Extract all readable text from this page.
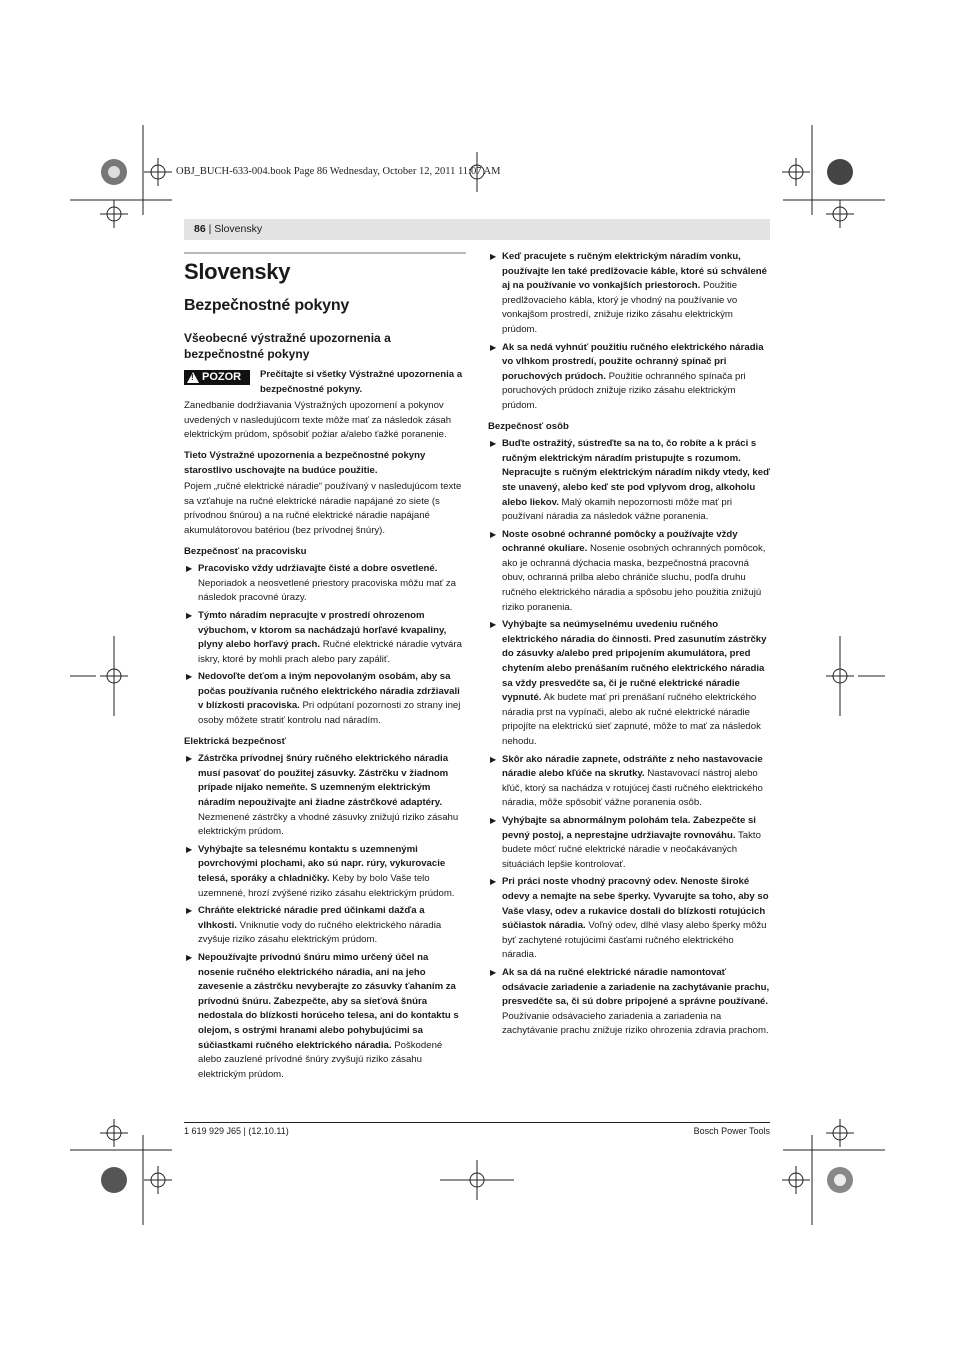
OBJ_BUCH-633-004.book Page 86 Wednesday, October 12, 2011 11:07 AM
86 | Slovensky
Slovensky
Bezpečnostné pokyny
Všeobecné výstražné upozornenia a bezpečnostné pokyny
!
POZOR Prečítajte si všetky Výstražné upozornenia a bezpečnostné pokyny.

Zanedbanie dodržiavania Výstražných upozornení a pokynov uvedených v nasledujúcom texte môže mať za následok zásah elektrickým prúdom, spôsobiť požiar a/alebo ťažké poranenie.

Tieto Výstražné upozornenia a bezpečnostné pokyny starostlivo uschovajte na budúce použitie.

Pojem „ručné elektrické náradie“ používaný v nasledujúcom texte sa vzťahuje na ručné elektrické náradie napájané zo siete (s prívodnou šnúrou) a na ručné elektrické náradie napájané akumulátorovou batériou (bez prívodnej šnúry).

Bezpečnosť na pracovisku
▶ Pracovisko vždy udržiavajte čisté a dobre osvetlené. Neporiadok a neosvetlené priestory pracoviska môžu mať za následok pracovné úrazy.
▶ Týmto náradím nepracujte v prostredí ohrozenom výbuchom, v ktorom sa nachádzajú horľavé kvapaliny, plyny alebo horľavý prach. Ručné elektrické náradie vytvára iskry, ktoré by mohli prach alebo pary zapáliť.
▶ Nedovoľte deťom a iným nepovolaným osobám, aby sa počas používania ručného elektrického náradia zdržiavali v blízkosti pracoviska. Pri odpútaní pozornosti zo strany inej osoby môžete stratiť kontrolu nad náradím.
Elektrická bezpečnosť
▶ Zástrčka prívodnej šnúry ručného elektrického náradia musí pasovať do použitej zásuvky. Zástrčku v žiadnom prípade nijako nemeňte. S uzemneným elektrickým náradím nepoužívajte ani žiadne zástrčkové adaptéry. Nezmenené zástrčky a vhodné zásuvky znižujú riziko zásahu elektrickým prúdom.
▶ Vyhýbajte sa telesnému kontaktu s uzemnenými povrchovými plochami, ako sú napr. rúry, vykurovacie telesá, sporáky a chladničky. Keby by bolo Vaše telo uzemnené, hrozí zvýšené riziko zásahu elektrickým prúdom.
▶ Chráňte elektrické náradie pred účinkami dažďa a vlhkosti. Vniknutie vody do ručného elektrického náradia zvyšuje riziko zásahu elektrickým prúdom.
▶ Nepoužívajte prívodnú šnúru mimo určený účel na nosenie ručného elektrického náradia, ani na jeho zavesenie a zástrčku nevyberajte zo zásuvky ťahaním za prívodnú šnúru. Zabezpečte, aby sa sieťová šnúra nedostala do blízkosti horúceho telesa, ani do kontaktu s olejom, s ostrými hranami alebo pohybujúcimi sa súčiastkami ručného elektrického náradia. Poškodené alebo zauzlené prívodné šnúry zvyšujú riziko zásahu elektrickým prúdom.
▶ Keď pracujete s ručným elektrickým náradím vonku, používajte len také predlžovacie káble, ktoré sú schválené aj na používanie vo vonkajších priestoroch. Použitie predlžovacieho kábla, ktorý je vhodný na používanie vo vonkajšom prostredí, znižuje riziko zásahu elektrickým prúdom.
▶ Ak sa nedá vyhnúť použitiu ručného elektrického náradia vo vlhkom prostredí, použite ochranný spínač pri poruchových prúdoch. Použitie ochranného spínača pri poruchových prúdoch znižuje riziko zásahu elektrickým prúdom.
Bezpečnosť osôb
▶ Buďte ostražitý, sústreďte sa na to, čo robíte a k práci s ručným elektrickým náradím pristupujte s rozumom. Nepracujte s ručným elektrickým náradím nikdy vtedy, keď ste unavený, alebo keď ste pod vplyvom drog, alkoholu alebo liekov. Malý okamih nepozornosti môže mať pri používaní náradia za následok vážne poranenia.
▶ Noste osobné ochranné pomôcky a používajte vždy ochranné okuliare. Nosenie osobných ochranných pomôcok, ako je ochranná dýchacia maska, bezpečnostná pracovná obuv, ochranná prilba alebo chrániče sluchu, podľa druhu ručného elektrického náradia a spôsobu jeho použitia znižujú riziko poranenia.
▶ Vyhýbajte sa neúmyselnému uvedeniu ručného elektrického náradia do činnosti. Pred zasunutím zástrčky do zásuvky a/alebo pred pripojením akumulátora, pred chytením alebo prenášaním ručného elektrického náradia sa vždy presvedčte sa, či je ručné elektrické náradie vypnuté. Ak budete mať pri prenášaní ručného elektrického náradia prst na vypínači, alebo ak ručné elektrické náradie pripojíte na elektrickú sieť zapnuté, môže to mať za následok nehodu.
▶ Skôr ako náradie zapnete, odstráňte z neho nastavovacie náradie alebo kľúče na skrutky. Nastavovací nástroj alebo kľúč, ktorý sa nachádza v rotujúcej časti ručného elektrického náradia, môže spôsobiť vážne poranenia osôb.
▶ Vyhýbajte sa abnormálnym polohám tela. Zabezpečte si pevný postoj, a neprestajne udržiavajte rovnováhu. Takto budete môcť ručné elektrické náradie v neočakávaných situáciách lepšie kontrolovať.
▶ Pri práci noste vhodný pracovný odev. Nenoste široké odevy a nemajte na sebe šperky. Vyvarujte sa toho, aby so Vaše vlasy, odev a rukavice dostali do blízkosti rotujúcich súčiastok náradia. Voľný odev, dlhé vlasy alebo šperky môžu byť zachytené rotujúcimi časťami ručného elektrického náradia.
▶ Ak sa dá na ručné elektrické náradie namontovať odsávacie zariadenie a zariadenie na zachytávanie prachu, presvedčte sa, či sú dobre pripojené a správne používané. Používanie odsávacieho zariadenia a zariadenia na zachytávanie prachu znižuje riziko ohrozenia zdravia prachom.
1 619 929 J65 | (12.10.11)	Bosch Power Tools
